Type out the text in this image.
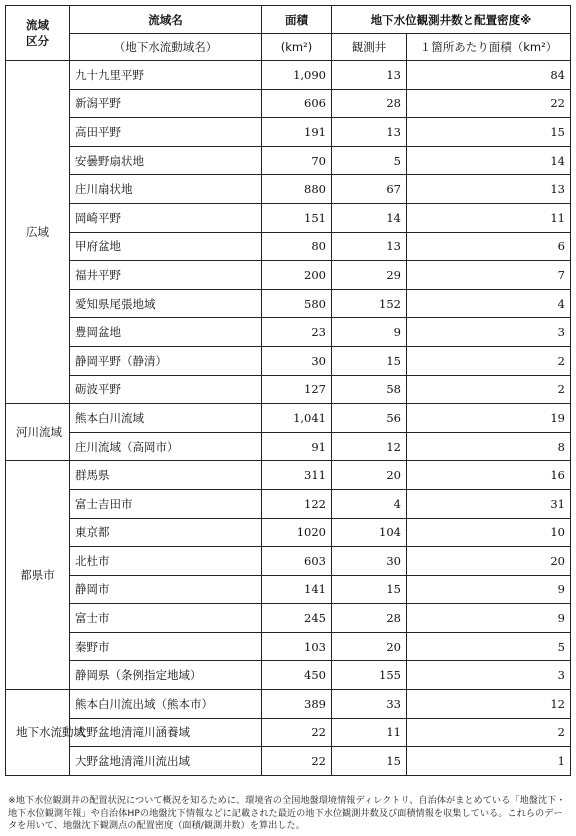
流域
区分	流域名	面積	地下水位観測井数と配置密度※	
	（地下水流動域名）	(km²)	観測井	１箇所あたり面積（km²）
広域	九十九里平野	1,090	13	84
	新潟平野	606	28	22
	高田平野	191	13	15
	安曇野扇状地	70	5	14
	庄川扇状地	880	67	13
	岡崎平野	151	14	11
	甲府盆地	80	13	6
	福井平野	200	29	7
	愛知県尾張地域	580	152	4
	豊岡盆地	23	9	3
	静岡平野（静清）	30	15	2
	砺波平野	127	58	2
河川流域	熊本白川流域	1,041	56	19
	庄川流域（高岡市）	91	12	8
都県市	群馬県	311	20	16
	富士吉田市	122	4	31
	東京都	1020	104	10
	北杜市	603	30	20
	静岡市	141	15	9
	富士市	245	28	9
	秦野市	103	20	5
	静岡県（条例指定地域）	450	155	3
地下水流動域	熊本白川流出域（熊本市）	389	33	12
	大野盆地清滝川涵養域	22	11	2
	大野盆地清滝川流出域	22	15	1
※地下水位観測井の配置状況について概況を知るために、環境省の全国地盤環境情報ディレクトリ、自治体がまとめている「地盤沈下・地下水位観測年報」や自治体HPの地盤沈下情報などに記載された最近の地下水位観測井数及び面積情報を収集している。これらのデータを用いて、地盤沈下観測点の配置密度（面積/観測井数）を算出した。
